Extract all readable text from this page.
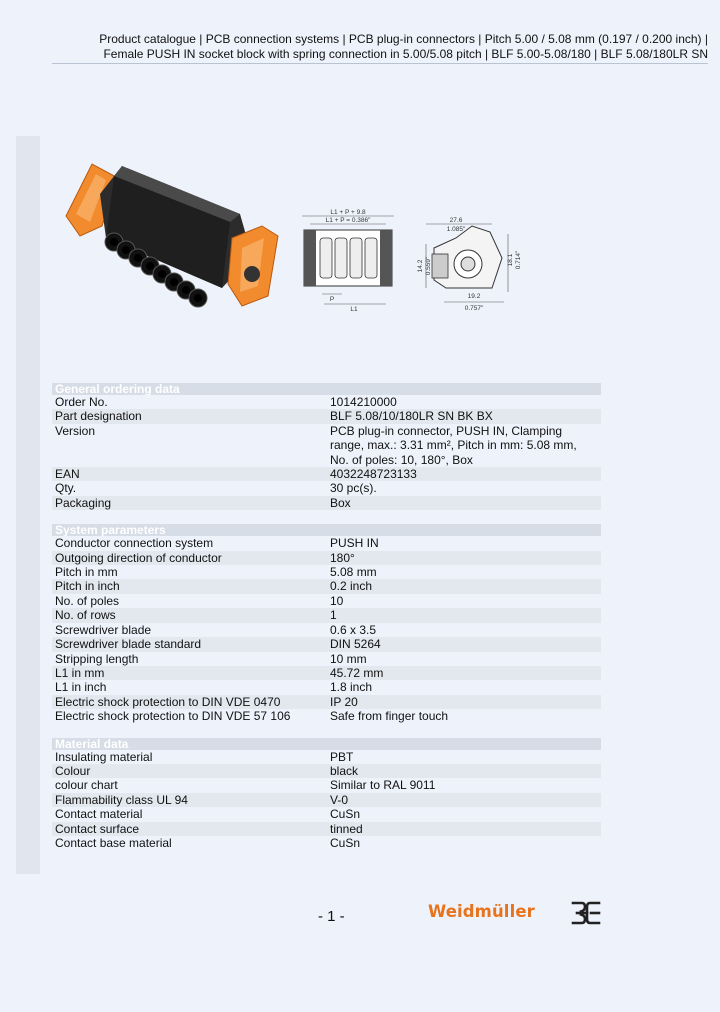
Product catalogue | PCB connection systems | PCB plug-in connectors | Pitch 5.00 / 5.08 mm (0.197 / 0.200 inch) |
Female PUSH IN socket block with spring connection in 5.00/5.08 pitch | BLF 5.00-5.08/180 | BLF 5.08/180LR SN
L1 + P + 9.8
L1 + P = 0.386"
P
L1
27.6
1.085"
19.2
0.757"
14.2 0.559"	18.1 0.714"
General ordering data
Order No.	1014210000
Part designation	BLF 5.08/10/180LR SN BK BX
Version	PCB plug-in connector, PUSH IN, Clamping range, max.: 3.31 mm², Pitch in mm: 5.08 mm, No. of poles: 10, 180°, Box
EAN	4032248723133
Qty.	30 pc(s).
Packaging	Box
System parameters
Conductor connection system	PUSH IN
Outgoing direction of conductor	180°
Pitch in mm	5.08 mm
Pitch in inch	0.2 inch
No. of poles	10
No. of rows	1
Screwdriver blade	0.6 x 3.5
Screwdriver blade standard	DIN 5264
Stripping length	10 mm
L1 in mm	45.72 mm
L1 in inch	1.8 inch
Electric shock protection to DIN VDE 0470	IP 20
Electric shock protection to DIN VDE 57 106	Safe from finger touch
Material data
Insulating material	PBT
Colour	black
colour chart	Similar to RAL 9011
Flammability class UL 94	V-0
Contact material	CuSn
Contact surface	tinned
Contact base material	CuSn
- 1 -	Weidmüller
